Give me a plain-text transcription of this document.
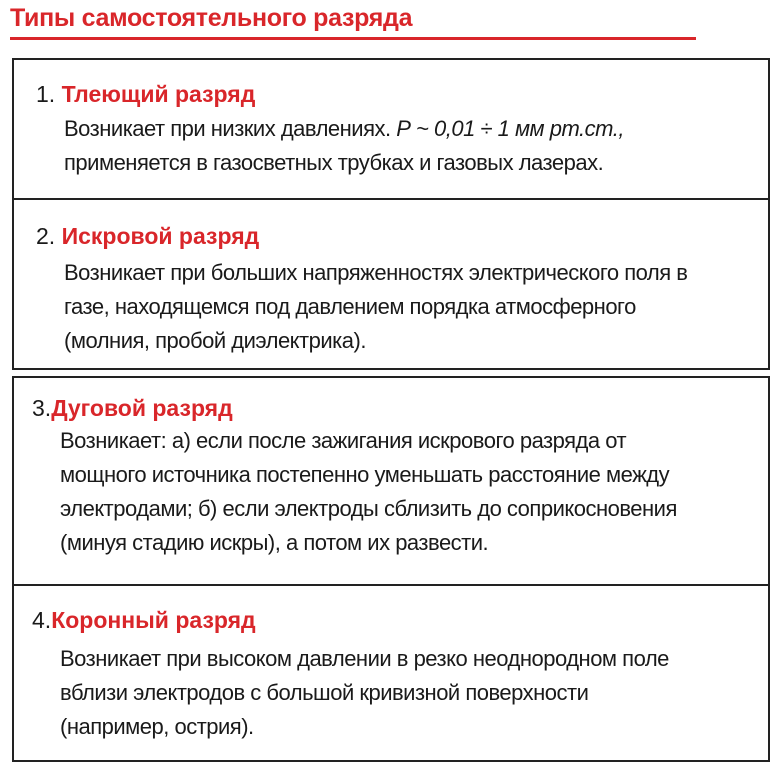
Типы самостоятельного разряда
1. Тлеющий разряд
Возникает при низких давлениях. Р ~ 0,01 ÷ 1 мм рт.ст.,
применяется в газосветных трубках и газовых лазерах.
2. Искровой разряд
Возникает при больших напряженностях электрического поля в
газе, находящемся под давлением порядка атмосферного
(молния, пробой диэлектрика).
3.Дуговой разряд
Возникает: а) если после зажигания искрового разряда от
мощного источника постепенно уменьшать расстояние между
электродами; б) если электроды сблизить до соприкосновения
(минуя стадию искры), а потом их развести.
4.Коронный разряд
Возникает при высоком давлении в резко неоднородном поле
вблизи электродов с большой кривизной поверхности
(например, острия).
